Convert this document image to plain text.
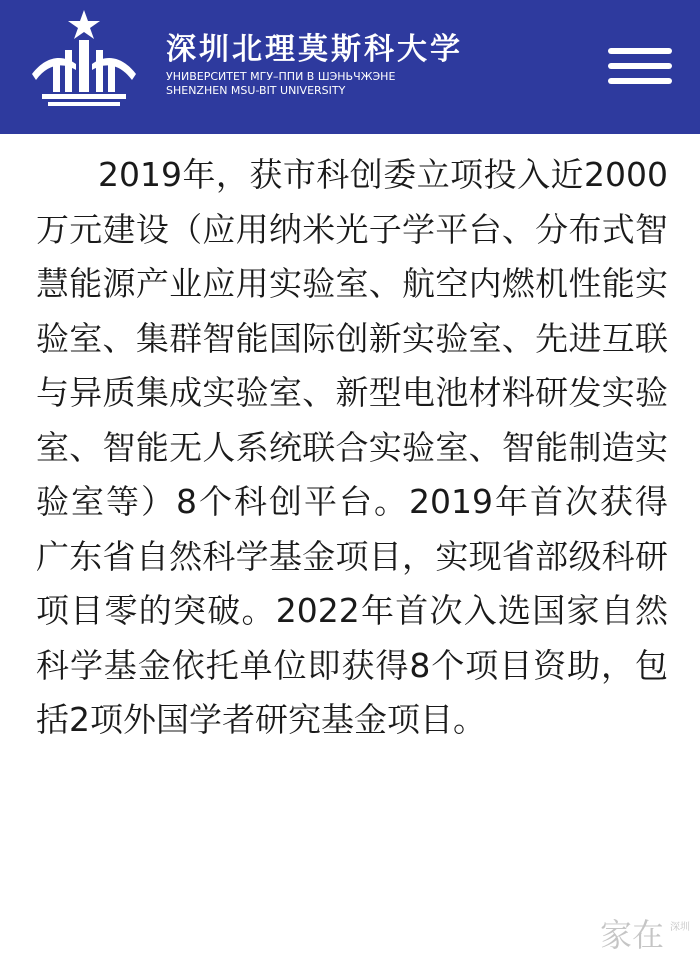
深圳北理莫斯科大学
УНИВЕРСИТЕТ МГУ–ППИ В ШЭНЬЧЖЭНЕ
SHENZHEN MSU-BIT UNIVERSITY

2019年，获市科创委立项投入近2000万元建设（应用纳米光子学平台、分布式智慧能源产业应用实验室、航空内燃机性能实验室、集群智能国际创新实验室、先进互联与异质集成实验室、新型电池材料研发实验室、智能无人系统联合实验室、智能制造实验室等）8个科创平台。2019年首次获得广东省自然科学基金项目，实现省部级科研项目零的突破。2022年首次入选国家自然科学基金依托单位即获得8个项目资助，包括2项外国学者研究基金项目。

家在 深圳
